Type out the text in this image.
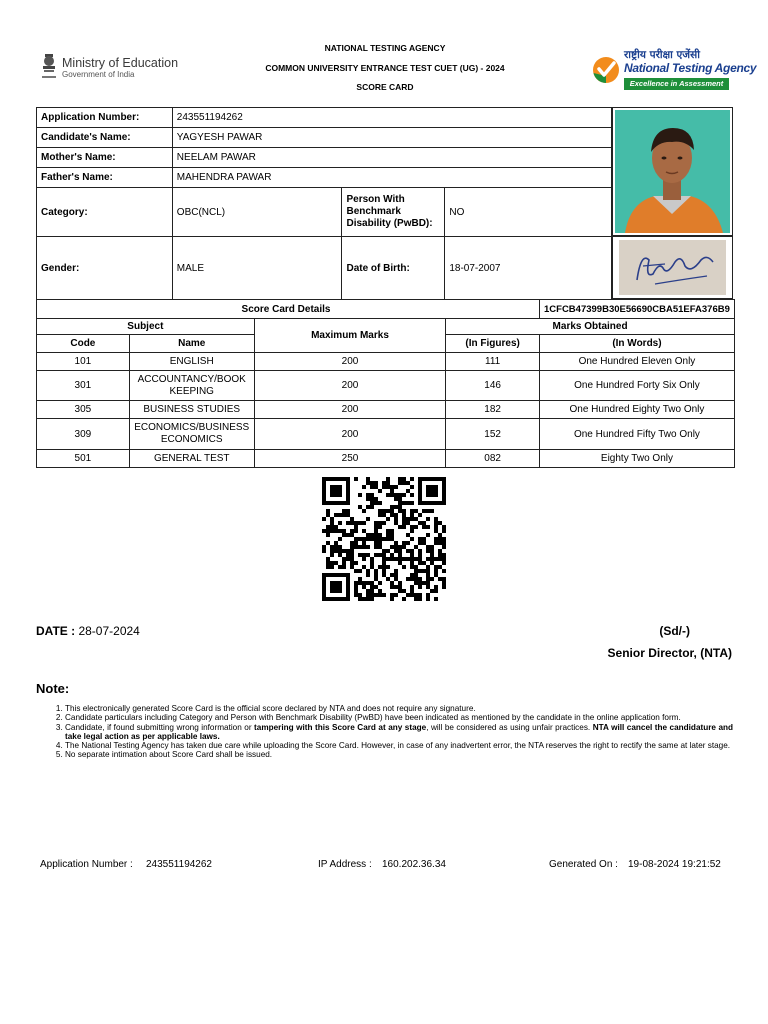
Ministry of Education
Government of India
NATIONAL TESTING AGENCY
COMMON UNIVERSITY ENTRANCE TEST CUET (UG) - 2024
SCORE CARD
राष्ट्रीय परीक्षा एजेंसी
National Testing Agency
Excellence in Assessment
Application Number:	243551194262		
Candidate's Name:	YAGYESH PAWAR		
Mother's Name:	NEELAM PAWAR		
Father's Name:	MAHENDRA PAWAR		
Category:	OBC(NCL)	Person With Benchmark Disability (PwBD):	NO
Gender:	MALE	Date of Birth:	18-07-2007
Score Card Details				1CFCB47399B30E56690CBA51EFA376B9
Subject		Maximum Marks	Marks Obtained	
Code	Name		(In Figures)	(In Words)
101	ENGLISH	200	111	One Hundred Eleven Only
301	ACCOUNTANCY/BOOK KEEPING	200	146	One Hundred Forty Six Only
305	BUSINESS STUDIES	200	182	One Hundred Eighty Two Only
309	ECONOMICS/BUSINESS ECONOMICS	200	152	One Hundred Fifty Two Only
501	GENERAL TEST	250	082	Eighty Two Only
DATE : 28-07-2024	(Sd/-)
Senior Director, (NTA)
Note:
1. This electronically generated Score Card is the official score declared by NTA and does not require any signature.
2. Candidate particulars including Category and Person with Benchmark Disability (PwBD) have been indicated as mentioned by the candidate in the online application form.
3. Candidate, if found submitting wrong information or tampering with this Score Card at any stage, will be considered as using unfair practices. NTA will cancel the candidature and take legal action as per applicable laws.
4. The National Testing Agency has taken due care while uploading the Score Card. However, in case of any inadvertent error, the NTA reserves the right to rectify the same at later stage.
5. No separate intimation about Score Card shall be issued.
Application Number : 243551194262	IP Address : 160.202.36.34	Generated On : 19-08-2024 19:21:52
